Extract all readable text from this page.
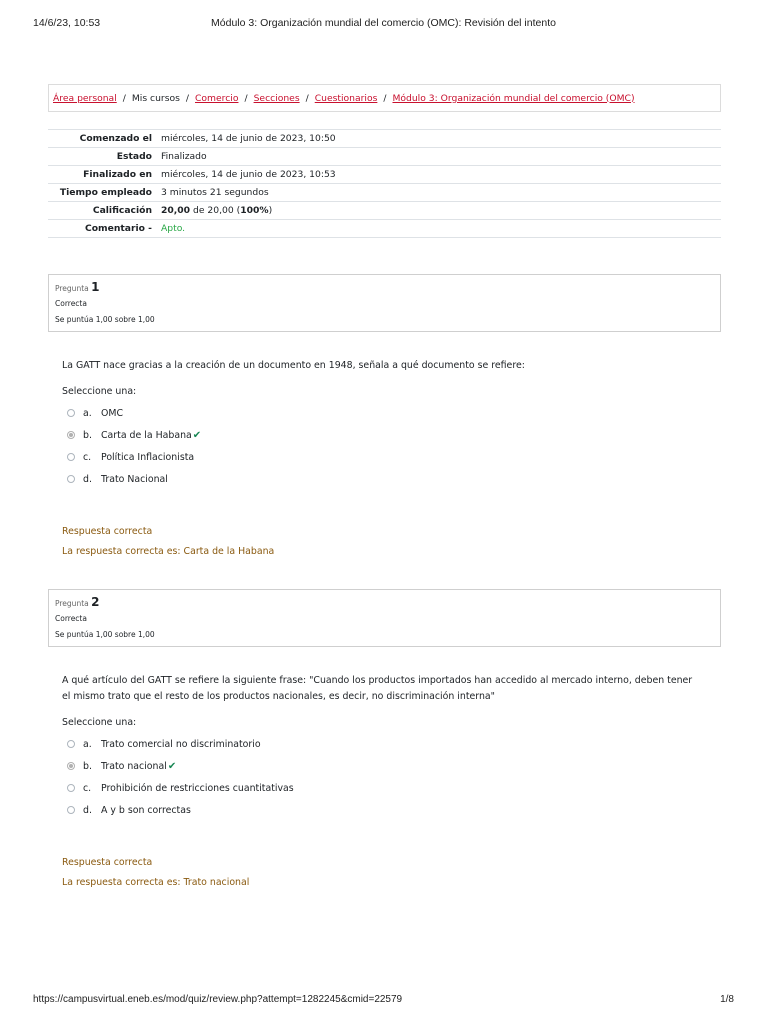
14/6/23, 10:53	Módulo 3: Organización mundial del comercio (OMC): Revisión del intento
Área personal / Mis cursos / Comercio / Secciones / Cuestionarios / Módulo 3: Organización mundial del comercio (OMC)
Comenzado el	miércoles, 14 de junio de 2023, 10:50
Estado	Finalizado
Finalizado en	miércoles, 14 de junio de 2023, 10:53
Tiempo empleado	3 minutos 21 segundos
Calificación	20,00 de 20,00 (100%)
Comentario -	Apto.
Pregunta 1
Correcta
Se puntúa 1,00 sobre 1,00
La GATT nace gracias a la creación de un documento en 1948, señala a qué documento se refiere:
Seleccione una:
a. OMC
b. Carta de la Habana ✔
c.	Política Inflacionista
d. Trato Nacional
Respuesta correcta
La respuesta correcta es: Carta de la Habana
Pregunta 2
Correcta
Se puntúa 1,00 sobre 1,00
A qué artículo del GATT se refiere la siguiente frase: "Cuando los productos importados han accedido al mercado interno, deben tener el mismo trato que el resto de los productos nacionales, es decir, no discriminación interna"
Seleccione una:
a. Trato comercial no discriminatorio
b. Trato nacional ✔
c.	Prohibición de restricciones cuantitativas
d. A y b son correctas
Respuesta correcta
La respuesta correcta es: Trato nacional
https://campusvirtual.eneb.es/mod/quiz/review.php?attempt=1282245&cmid=22579	1/8
